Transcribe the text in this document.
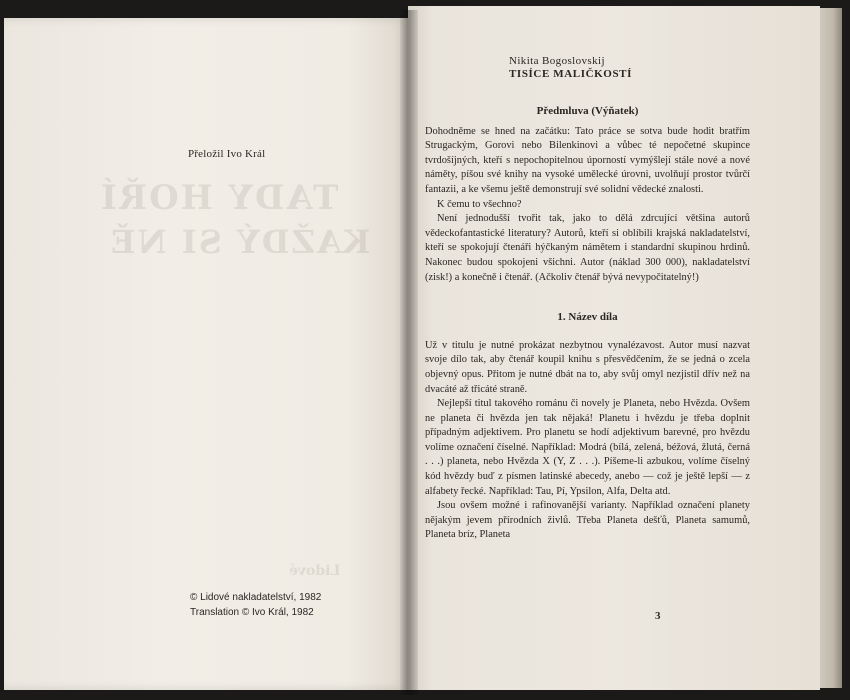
TADY HOŘÍ
KAŽDÝ SI NĚ
Lidové
Přeložil Ivo Král
© Lidové nakladatelství, 1982
Translation © Ivo Král, 1982
Nikita Bogoslovskij
TISÍCE MALIČKOSTÍ

Předmluva (Výňatek)

Dohodněme se hned na začátku: Tato práce se sotva bude hodit bratřím Strugackým, Gorovi nebo Bilenkinovi a vůbec té nepočetné skupince tvrdošíjných, kteří s nepochopitelnou úporností vymýšlejí stále nové a nové náměty, píšou své knihy na vysoké umělecké úrovni, uvolňují prostor tvůrčí fantazii, a ke všemu ještě demonstrují své solidní vědecké znalosti.

K čemu to všechno?

Není jednodušší tvořit tak, jako to dělá zdrcující většina autorů vědeckofantastické literatury? Autorů, kteří si oblíbili krajská nakladatelství, kteří se spokojují čtenáři hýčkaným námětem i standardní skupinou hrdinů. Nakonec budou spokojeni všichni. Autor (náklad 300 000), nakladatelství (zisk!) a konečně i čtenář. (Ačkoliv čtenář bývá nevypočitatelný!)

1. Název díla

Už v titulu je nutné prokázat nezbytnou vynalézavost. Autor musí nazvat svoje dílo tak, aby čtenář koupil knihu s přesvědčením, že se jedná o zcela objevný opus. Přitom je nutné dbát na to, aby svůj omyl nezjistil dřív než na dvacáté až třicáté straně.

Nejlepší titul takového románu či novely je Planeta, nebo Hvězda. Ovšem ne planeta či hvězda jen tak nějaká! Planetu i hvězdu je třeba doplnit případným adjektivem. Pro planetu se hodí adjektivum barevné, pro hvězdu volíme označení číselné. Například: Modrá (bílá, zelená, béžová, žlutá, černá . . .) planeta, nebo Hvězda X (Y, Z . . .). Píšeme-li azbukou, volíme číselný kód hvězdy buď z písmen latinské abecedy, anebo — což je ještě lepší — z alfabety řecké. Například: Tau, Pí, Ypsilon, Alfa, Delta atd.

Jsou ovšem možné i rafinovanější varianty. Například označení planety nějakým jevem přírodních živlů. Třeba Planeta dešťů, Planeta samumů, Planeta bríz, Planeta

3
